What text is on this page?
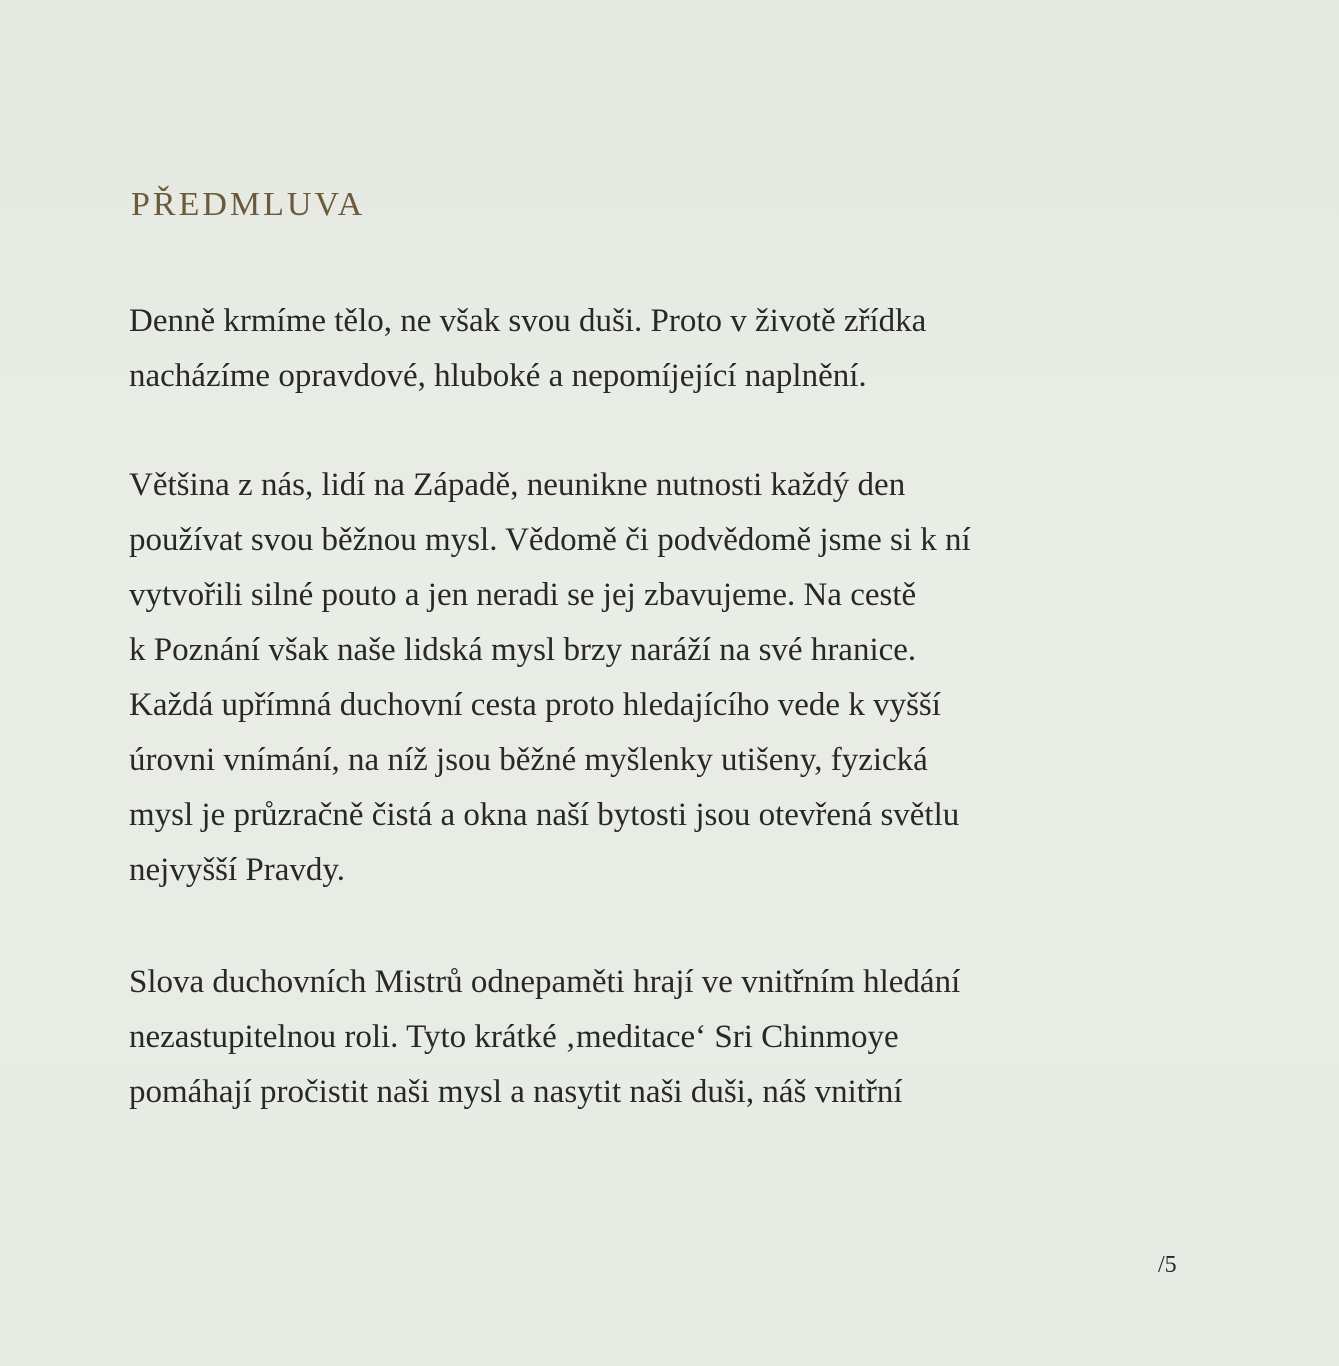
PŘEDMLUVA

Denně krmíme tělo, ne však svou duši. Proto v životě zřídka
nacházíme opravdové, hluboké a nepomíjející naplnění.

Většina z nás, lidí na Západě, neunikne nutnosti každý den
používat svou běžnou mysl. Vědomě či podvědomě jsme si k ní
vytvořili silné pouto a jen neradi se jej zbavujeme. Na cestě
k Poznání však naše lidská mysl brzy naráží na své hranice.
Každá upřímná duchovní cesta proto hledajícího vede k vyšší
úrovni vnímání, na níž jsou běžné myšlenky utišeny, fyzická
mysl je průzračně čistá a okna naší bytosti jsou otevřená světlu
nejvyšší Pravdy.

Slova duchovních Mistrů odnepaměti hrají ve vnitřním hledání
nezastupitelnou roli. Tyto krátké ‚meditace‘ Sri Chinmoye
pomáhají pročistit naši mysl a nasytit naši duši, náš vnitřní

/5
